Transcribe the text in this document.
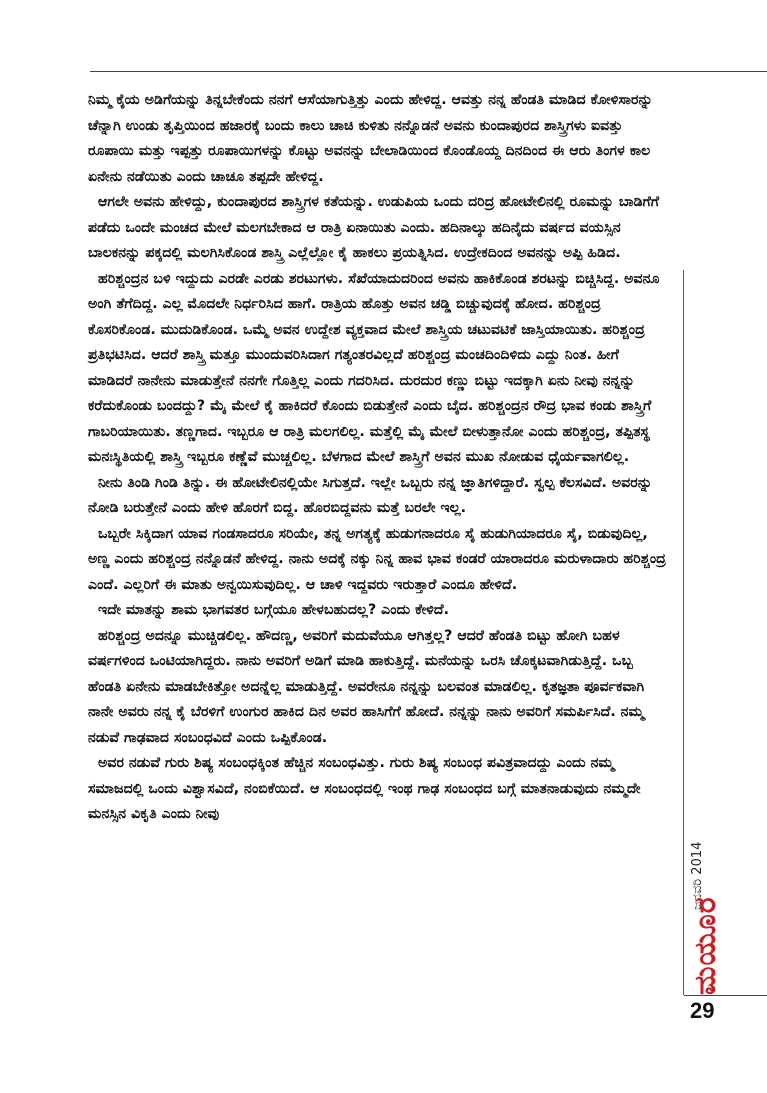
ನಿಮ್ಮ ಕೈಯ ಅಡಿಗೆಯನ್ನು ತಿನ್ನಬೇಕೆಂದು ನನಗೆ ಆಸೆಯಾಗುತ್ತಿತ್ತು ಎಂದು ಹೇಳಿದ್ದ. ಆವತ್ತು ನನ್ನ ಹೆಂಡತಿ ಮಾಡಿದ ಕೋಳಿಸಾರನ್ನು ಚೆನ್ನಾಗಿ ಉಂಡು ತೃಪ್ತಿಯಿಂದ ಹಜಾರಕ್ಕೆ ಬಂದು ಕಾಲು ಚಾಚಿ ಕುಳಿತು ನನ್ನೊಡನೆ ಅವನು ಕುಂದಾಪುರದ ಶಾಸ್ತ್ರಿಗಳು ಐವತ್ತು ರೂಪಾಯಿ ಮತ್ತು ಇಪ್ಪತ್ತು ರೂಪಾಯಿಗಳನ್ನು ಕೊಟ್ಟು ಅವನನ್ನು ಬೇಲಾಡಿಯಿಂದ ಕೊಂಡೊಯ್ದ ದಿನದಿಂದ ಈ ಆರು ತಿಂಗಳ ಕಾಲ ಏನೇನು ನಡೆಯಿತು ಎಂದು ಚಾಚೂ ತಪ್ಪದೇ ಹೇಳಿದ್ದ.

ಆಗಲೇ ಅವನು ಹೇಳಿದ್ದು, ಕುಂದಾಪುರದ ಶಾಸ್ತ್ರಿಗಳ ಕತೆಯನ್ನು. ಉಡುಪಿಯ ಒಂದು ದರಿದ್ರ ಹೋಟೇಲಿನಲ್ಲಿ ರೂಮನ್ನು ಬಾಡಿಗೆಗೆ ಪಡೆದು ಒಂದೇ ಮಂಚದ ಮೇಲೆ ಮಲಗಬೇಕಾದ ಆ ರಾತ್ರಿ ಏನಾಯಿತು ಎಂದು. ಹದಿನಾಲ್ಕು ಹದಿನೈದು ವರ್ಷದ ವಯಸ್ಸಿನ ಬಾಲಕನನ್ನು ಪಕ್ಕದಲ್ಲಿ ಮಲಗಿಸಿಕೊಂಡ ಶಾಸ್ತ್ರಿ ಎಲ್ಲೆಲ್ಲೋ ಕೈ ಹಾಕಲು ಪ್ರಯತ್ನಿಸಿದ. ಉದ್ರೇಕದಿಂದ ಅವನನ್ನು ಅಪ್ಪಿ ಹಿಡಿದ.

ಹರಿಶ್ಚಂದ್ರನ ಬಳಿ ಇದ್ದುದು ಎರಡೇ ಎರಡು ಶರಟುಗಳು. ಸೆಖೆಯಾದುದರಿಂದ ಅವನು ಹಾಕಿಕೊಂಡ ಶರಟನ್ನು ಬಿಚ್ಚಿಸಿದ್ದ. ಅವನೂ ಅಂಗಿ ತೆಗೆದಿದ್ದ. ಎಲ್ಲ ಮೊದಲೇ ನಿರ್ಧರಿಸಿದ ಹಾಗೆ. ರಾತ್ರಿಯ ಹೊತ್ತು ಅವನ ಚಡ್ಡಿ ಬಿಚ್ಚುವುದಕ್ಕೆ ಹೋದ. ಹರಿಶ್ಚಂದ್ರ ಕೊಸರಿಕೊಂಡ. ಮುದುಡಿಕೊಂಡ. ಒಮ್ಮೆ ಅವನ ಉದ್ದೇಶ ವ್ಯಕ್ತವಾದ ಮೇಲೆ ಶಾಸ್ತ್ರಿಯ ಚಟುವಟಿಕೆ ಜಾಸ್ತಿಯಾಯಿತು. ಹರಿಶ್ಚಂದ್ರ ಪ್ರತಿಭಟಿಸಿದ. ಆದರೆ ಶಾಸ್ತ್ರಿ ಮತ್ತೂ ಮುಂದುವರಿಸಿದಾಗ ಗತ್ಯಂತರವಿಲ್ಲದೆ ಹರಿಶ್ಚಂದ್ರ ಮಂಚದಿಂದಿಳಿದು ಎದ್ದು ನಿಂತ. ಹೀಗೆ ಮಾಡಿದರೆ ನಾನೇನು ಮಾಡುತ್ತೇನೆ ನನಗೇ ಗೊತ್ತಿಲ್ಲ ಎಂದು ಗದರಿಸಿದ. ದುರದುರ ಕಣ್ಣು ಬಿಟ್ಟು ಇದಕ್ಕಾಗಿ ಏನು ನೀವು ನನ್ನನ್ನು ಕರೆದುಕೊಂಡು ಬಂದದ್ದು? ಮೈ ಮೇಲೆ ಕೈ ಹಾಕಿದರೆ ಕೊಂದು ಬಿಡುತ್ತೇನೆ ಎಂದು ಬೈದ. ಹರಿಶ್ಚಂದ್ರನ ರೌದ್ರ ಭಾವ ಕಂಡು ಶಾಸ್ತ್ರಿಗೆ ಗಾಬರಿಯಾಯಿತು. ತಣ್ಣಗಾದ. ಇಬ್ಬರೂ ಆ ರಾತ್ರಿ ಮಲಗಲಿಲ್ಲ. ಮತ್ತೆಲ್ಲಿ ಮೈ ಮೇಲೆ ಬೀಳುತ್ತಾನೋ ಎಂದು ಹರಿಶ್ಚಂದ್ರ, ತಪ್ಪಿತಸ್ಥ ಮನಃಸ್ಥಿತಿಯಲ್ಲಿ ಶಾಸ್ತ್ರಿ ಇಬ್ಬರೂ ಕಣ್ಣೆವೆ ಮುಚ್ಚಲಿಲ್ಲ. ಬೆಳಗಾದ ಮೇಲೆ ಶಾಸ್ತ್ರಿಗೆ ಅವನ ಮುಖ ನೋಡುವ ಧೈರ್ಯವಾಗಲಿಲ್ಲ.

ನೀನು ತಿಂಡಿ ಗಿಂಡಿ ತಿನ್ನು. ಈ ಹೋಟೇಲಿನಲ್ಲಿಯೇ ಸಿಗುತ್ತದೆ. ಇಲ್ಲೇ ಒಬ್ಬರು ನನ್ನ ಜ್ಞಾತಿಗಳಿದ್ದಾರೆ. ಸ್ವಲ್ಪ ಕೆಲಸವಿದೆ. ಅವರನ್ನು ನೋಡಿ ಬರುತ್ತೇನೆ ಎಂದು ಹೇಳಿ ಹೊರಗೆ ಬಿದ್ದ. ಹೊರಬಿದ್ದವನು ಮತ್ತೆ ಬರಲೇ ಇಲ್ಲ.

ಒಬ್ಬರೇ ಸಿಕ್ಕಿದಾಗ ಯಾವ ಗಂಡಸಾದರೂ ಸರಿಯೇ, ತನ್ನ ಅಗತ್ಯಕ್ಕೆ ಹುಡುಗನಾದರೂ ಸೈ ಹುಡುಗಿಯಾದರೂ ಸೈ, ಬಿಡುವುದಿಲ್ಲ, ಅಣ್ಣ ಎಂದು ಹರಿಶ್ಚಂದ್ರ ನನ್ನೊಡನೆ ಹೇಳಿದ್ದ. ನಾನು ಅದಕ್ಕೆ ನಕ್ಕು ನಿನ್ನ ಹಾವ ಭಾವ ಕಂಡರೆ ಯಾರಾದರೂ ಮರುಳಾದಾರು ಹರಿಶ್ಚಂದ್ರ ಎಂದೆ. ಎಲ್ಲರಿಗೆ ಈ ಮಾತು ಅನ್ವಯಿಸುವುದಿಲ್ಲ. ಆ ಚಾಳಿ ಇದ್ದವರು ಇರುತ್ತಾರೆ ಎಂದೂ ಹೇಳಿದೆ.

ಇದೇ ಮಾತನ್ನು ಶಾಮ ಭಾಗವತರ ಬಗ್ಗೆಯೂ ಹೇಳಬಹುದಲ್ಲ? ಎಂದು ಕೇಳಿದೆ.

ಹರಿಶ್ಚಂದ್ರ ಅದನ್ನೂ ಮುಚ್ಚಿಡಲಿಲ್ಲ. ಹೌದಣ್ಣ, ಅವರಿಗೆ ಮದುವೆಯೂ ಆಗಿತ್ತಲ್ಲ? ಆದರೆ ಹೆಂಡತಿ ಬಿಟ್ಟು ಹೋಗಿ ಬಹಳ ವರ್ಷಗಳಿಂದ ಒಂಟಿಯಾಗಿದ್ದರು. ನಾನು ಅವರಿಗೆ ಅಡಿಗೆ ಮಾಡಿ ಹಾಕುತ್ತಿದ್ದೆ. ಮನೆಯನ್ನು ಒರಸಿ ಚೊಕ್ಕಟವಾಗಿಡುತ್ತಿದ್ದೆ. ಒಬ್ಬ ಹೆಂಡತಿ ಏನೇನು ಮಾಡಬೇಕಿತ್ತೋ ಅದನ್ನೆಲ್ಲ ಮಾಡುತ್ತಿದ್ದೆ. ಅವರೇನೂ ನನ್ನನ್ನು ಬಲವಂತ ಮಾಡಲಿಲ್ಲ. ಕೃತಜ್ಞತಾ ಪೂರ್ವಕವಾಗಿ ನಾನೇ ಅವರು ನನ್ನ ಕೈ ಬೆರಳಿಗೆ ಉಂಗುರ ಹಾಕಿದ ದಿನ ಅವರ ಹಾಸಿಗೆಗೆ ಹೋದೆ. ನನ್ನನ್ನು ನಾನು ಅವರಿಗೆ ಸಮರ್ಪಿಸಿದೆ. ನಮ್ಮ ನಡುವೆ ಗಾಢವಾದ ಸಂಬಂಧವಿದೆ ಎಂದು ಒಪ್ಪಿಕೊಂಡ.

ಅವರ ನಡುವೆ ಗುರು ಶಿಷ್ಯ ಸಂಬಂಧಕ್ಕಿಂತ ಹೆಚ್ಚಿನ ಸಂಬಂಧವಿತ್ತು. ಗುರು ಶಿಷ್ಯ ಸಂಬಂಧ ಪವಿತ್ರವಾದದ್ದು ಎಂದು ನಮ್ಮ ಸಮಾಜದಲ್ಲಿ ಒಂದು ವಿಶ್ವಾಸವಿದೆ, ನಂಬಿಕೆಯಿದೆ. ಆ ಸಂಬಂಧದಲ್ಲಿ ಇಂಥ ಗಾಢ ಸಂಬಂಧದ ಬಗ್ಗೆ ಮಾತನಾಡುವುದು ನಮ್ಮದೇ ಮನಸ್ಸಿನ ವಿಕೃತಿ ಎಂದು ನೀವು

ಜನವರಿ 2014
ಮಯೂರ
29
